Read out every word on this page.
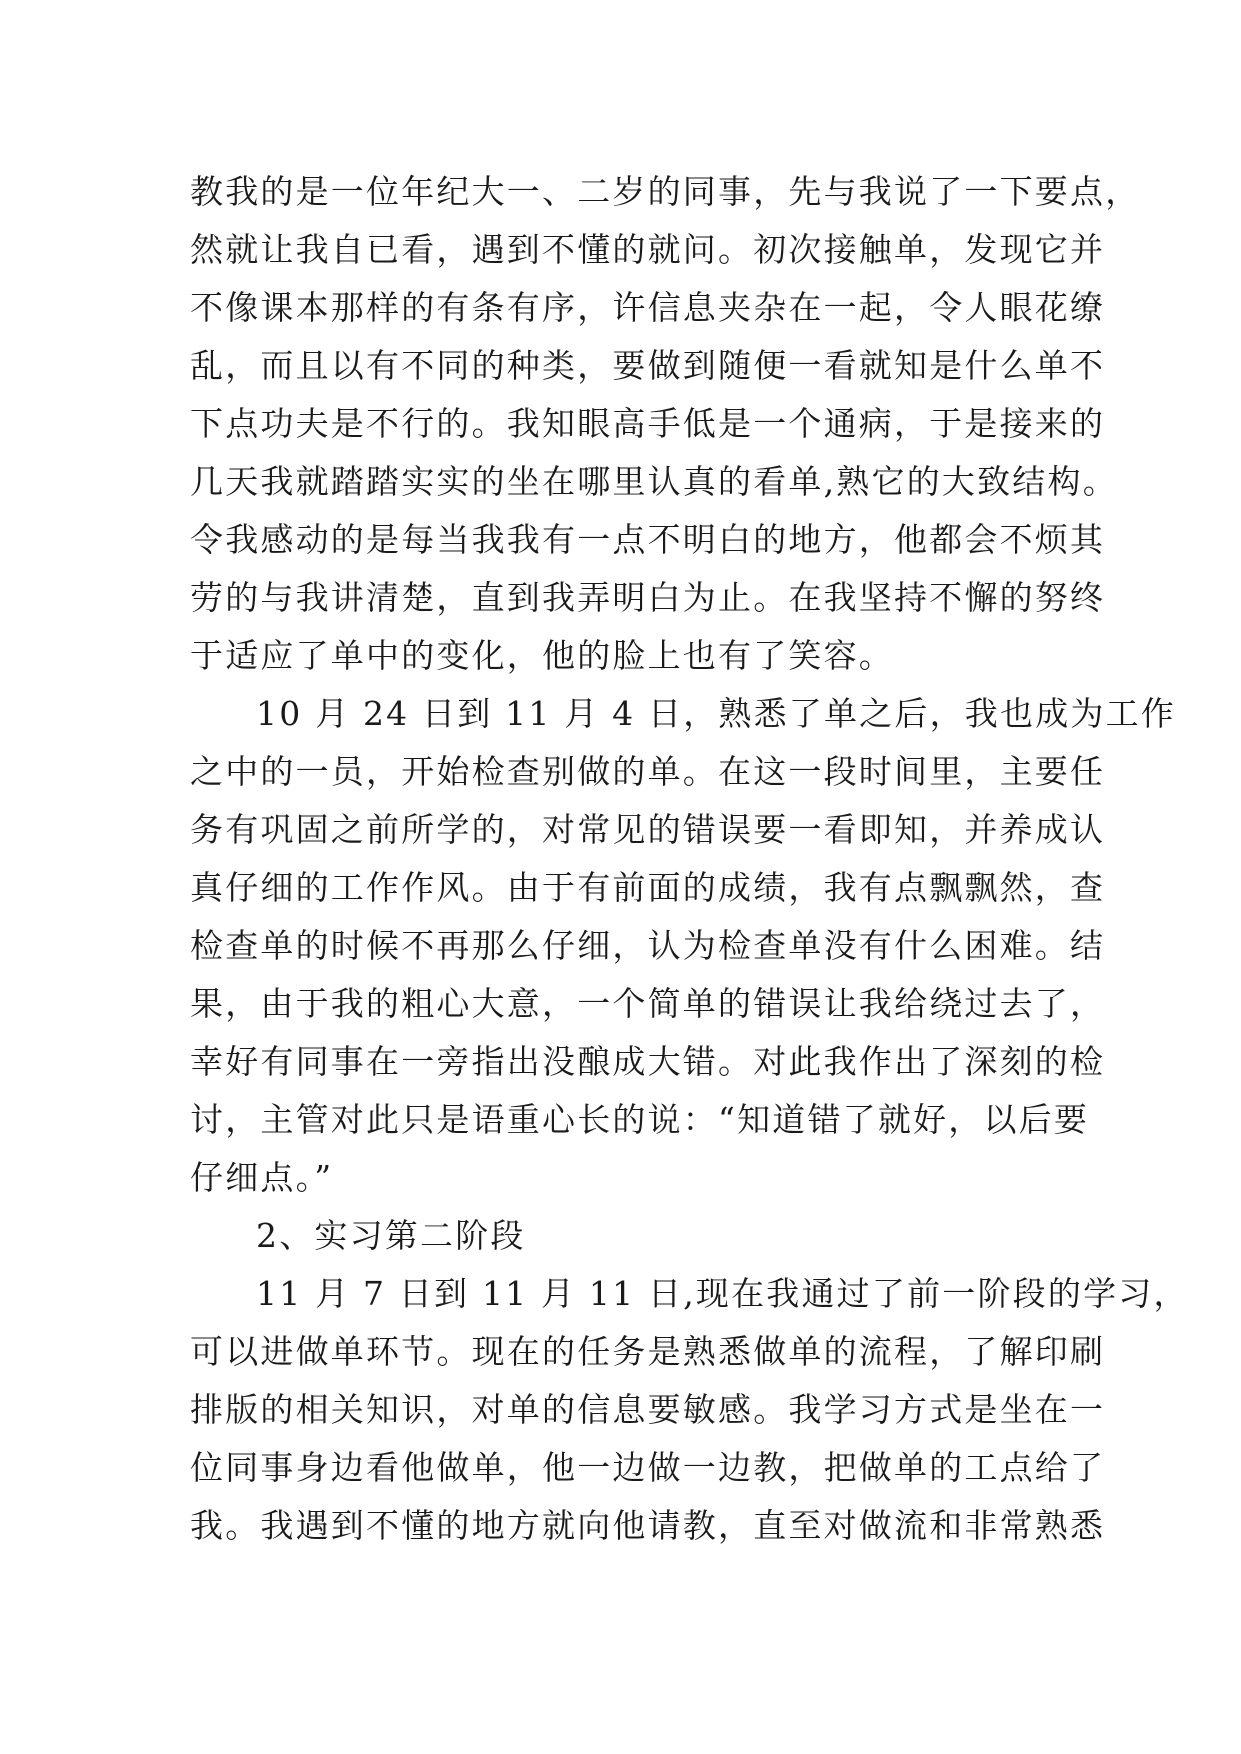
教我的是一位年纪大一、二岁的同事，先与我说了一下要点，
然就让我自已看，遇到不懂的就问。初次接触单，发现它并
不像课本那样的有条有序，许信息夹杂在一起，令人眼花缭
乱，而且以有不同的种类，要做到随便一看就知是什么单不
下点功夫是不行的。我知眼高手低是一个通病，于是接来的
几天我就踏踏实实的坐在哪里认真的看单,熟它的大致结构。
令我感动的是每当我我有一点不明白的地方，他都会不烦其
劳的与我讲清楚，直到我弄明白为止。在我坚持不懈的努终
于适应了单中的变化，他的脸上也有了笑容。
10 月 24 日到 11 月 4 日，熟悉了单之后，我也成为工作
之中的一员，开始检查别做的单。在这一段时间里，主要任
务有巩固之前所学的，对常见的错误要一看即知，并养成认
真仔细的工作作风。由于有前面的成绩，我有点飘飘然，查
检查单的时候不再那么仔细，认为检查单没有什么困难。结
果，由于我的粗心大意，一个简单的错误让我给绕过去了，
幸好有同事在一旁指出没酿成大错。对此我作出了深刻的检
讨，主管对此只是语重心长的说：“知道错了就好，以后要
仔细点。”
2、实习第二阶段
11 月 7 日到 11 月 11 日,现在我通过了前一阶段的学习，
可以进做单环节。现在的任务是熟悉做单的流程，了解印刷
排版的相关知识，对单的信息要敏感。我学习方式是坐在一
位同事身边看他做单，他一边做一边教，把做单的工点给了
我。我遇到不懂的地方就向他请教，直至对做流和非常熟悉
